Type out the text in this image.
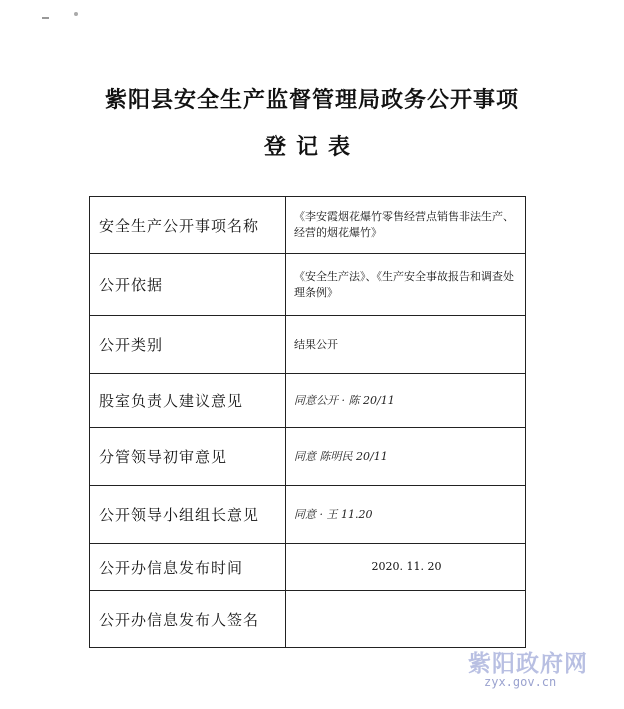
紫阳县安全生产监督管理局政务公开事项
登记表
安全生产公开事项名称	《李安霞烟花爆竹零售经营点销售非法生产、经营的烟花爆竹》
公开依据	《安全生产法》、《生产安全事故报告和调查处理条例》
公开类别	结果公开
股室负责人建议意见	同意公开 · 陈 20/11
分管领导初审意见	同意 陈明民 20/11
公开领导小组组长意见	同意 · 王 11.20
公开办信息发布时间	2020. 11. 20
公开办信息发布人签名	
紫阳政府网
zyx.gov.cn
